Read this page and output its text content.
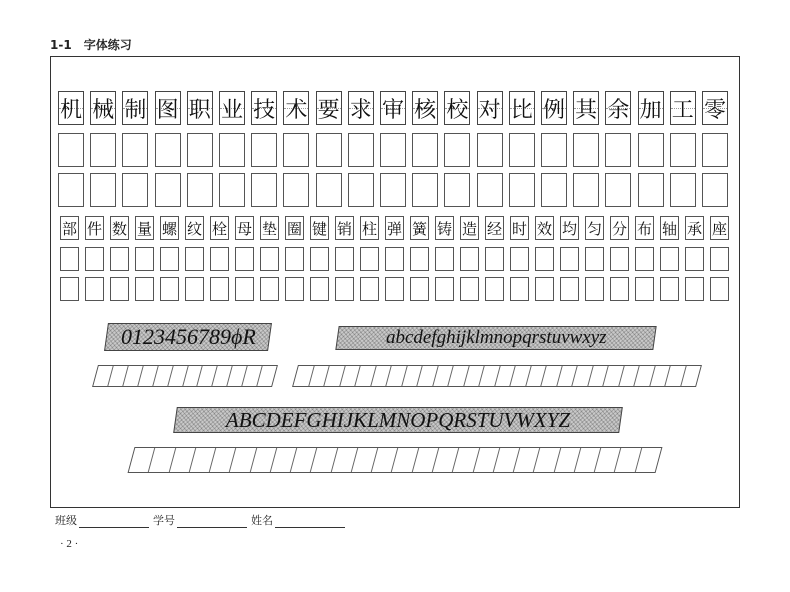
1-1 字体练习
机 械 制 图 职 业 技 术 要 求 审 核 校 对 比 例 其 余 加 工 零
部 件 数 量 螺 纹 栓 母 垫 圈 键 销 柱 弹 簧 铸 造 经 时 效 均 匀 分 布 轴 承 座
0123456789ϕR	abcdefghijklmnopqrstuvwxyz
ABCDEFGHIJKLMNOPQRSTUVWXYZ
班级	学号	姓名
· 2 ·
